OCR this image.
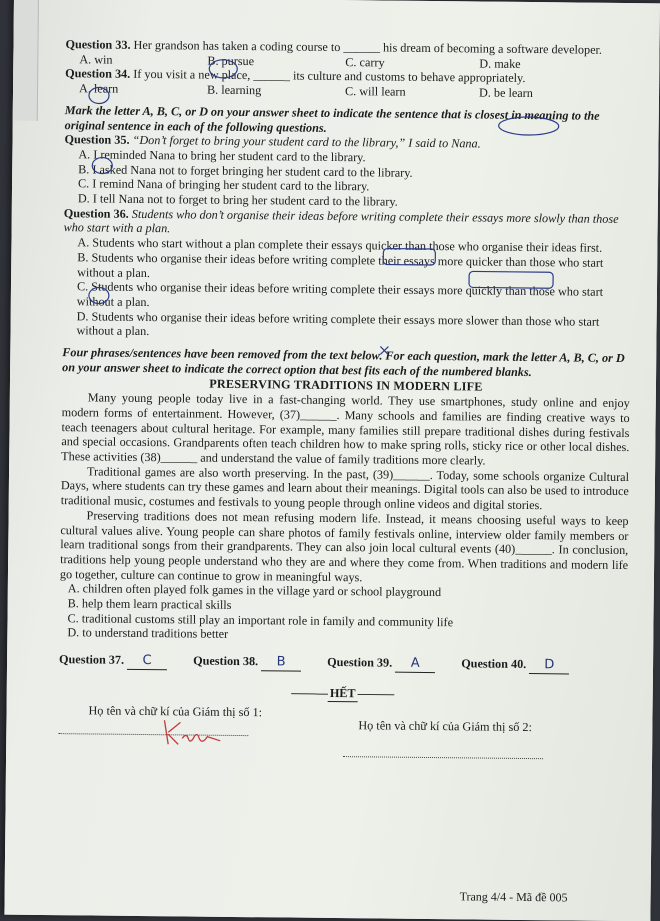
Question 33. Her grandson has taken a coding course to ______ his dream of becoming a software developer.

A. win	B. pursue	C. carry	D. make

Question 34. If you visit a new place, ______ its culture and customs to behave appropriately.

A. learn	B. learning	C. will learn	D. be learn

Mark the letter A, B, C, or D on your answer sheet to indicate the sentence that is closest in meaning to the original sentence in each of the following questions.

Question 35. “Don’t forget to bring your student card to the library,” I said to Nana.

A. I reminded Nana to bring her student card to the library.

B. I asked Nana not to forget bringing her student card to the library.

C. I remind Nana of bringing her student card to the library.

D. I tell Nana not to forget to bring her student card to the library.

Question 36. Students who don’t organise their ideas before writing complete their essays more slowly than those who start with a plan.

A. Students who start without a plan complete their essays quicker than those who organise their ideas first.

B. Students who organise their ideas before writing complete their essays more quicker than those who start without a plan.

C. Students who organise their ideas before writing complete their essays more quickly than those who start without a plan.

D. Students who organise their ideas before writing complete their essays more slower than those who start without a plan.

Four phrases/sentences have been removed from the text below. For each question, mark the letter A, B, C, or D on your answer sheet to indicate the correct option that best fits each of the numbered blanks.

PRESERVING TRADITIONS IN MODERN LIFE

Many young people today live in a fast-changing world. They use smartphones, study online and enjoy modern forms of entertainment. However, (37)______. Many schools and families are finding creative ways to teach teenagers about cultural heritage. For example, many families still prepare traditional dishes during festivals and special occasions. Grandparents often teach children how to make spring rolls, sticky rice or other local dishes. These activities (38)______ and understand the value of family traditions more clearly.

Traditional games are also worth preserving. In the past, (39)______. Today, some schools organize Cultural Days, where students can try these games and learn about their meanings. Digital tools can also be used to introduce traditional music, costumes and festivals to young people through online videos and digital stories.

Preserving traditions does not mean refusing modern life. Instead, it means choosing useful ways to keep cultural values alive. Young people can share photos of family festivals online, interview older family members or learn traditional songs from their grandparents. They can also join local cultural events (40)______. In conclusion, traditions help young people understand who they are and where they come from. When traditions and modern life go together, culture can continue to grow in meaningful ways.

A. children often played folk games in the village yard or school playground

B. help them learn practical skills

C. traditional customs still play an important role in family and community life

D. to understand traditions better

Question 37. C	Question 38. B	Question 39. A	Question 40. D
——— HẾT ———
Họ tên và chữ kí của Giám thị số 1:
Họ tên và chữ kí của Giám thị số 2:
Trang 4/4 - Mã đề 005
